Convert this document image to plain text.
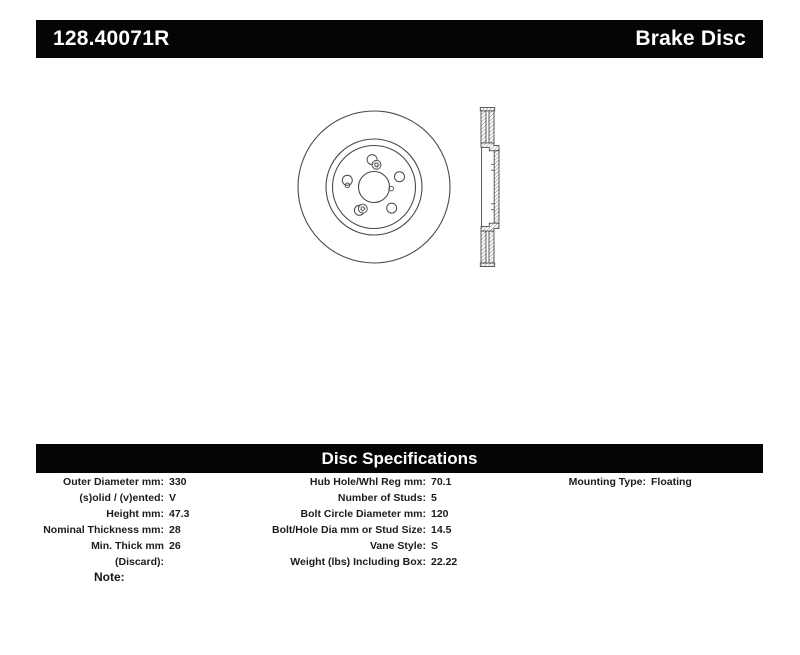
128.40071R	Brake Disc
Disc Specifications
Outer Diameter mm: 330
(s)olid / (v)ented: V
Height mm: 47.3
Nominal Thickness mm: 28
Min. Thick mm (Discard):
26
Hub Hole/Whl Reg mm: 70.1
Number of Studs: 5
Bolt Circle Diameter mm: 120
Bolt/Hole Dia mm or Stud Size: 14.5
Vane Style: S
Weight (lbs) Including Box: 22.22
Mounting Type: Floating
Note:
